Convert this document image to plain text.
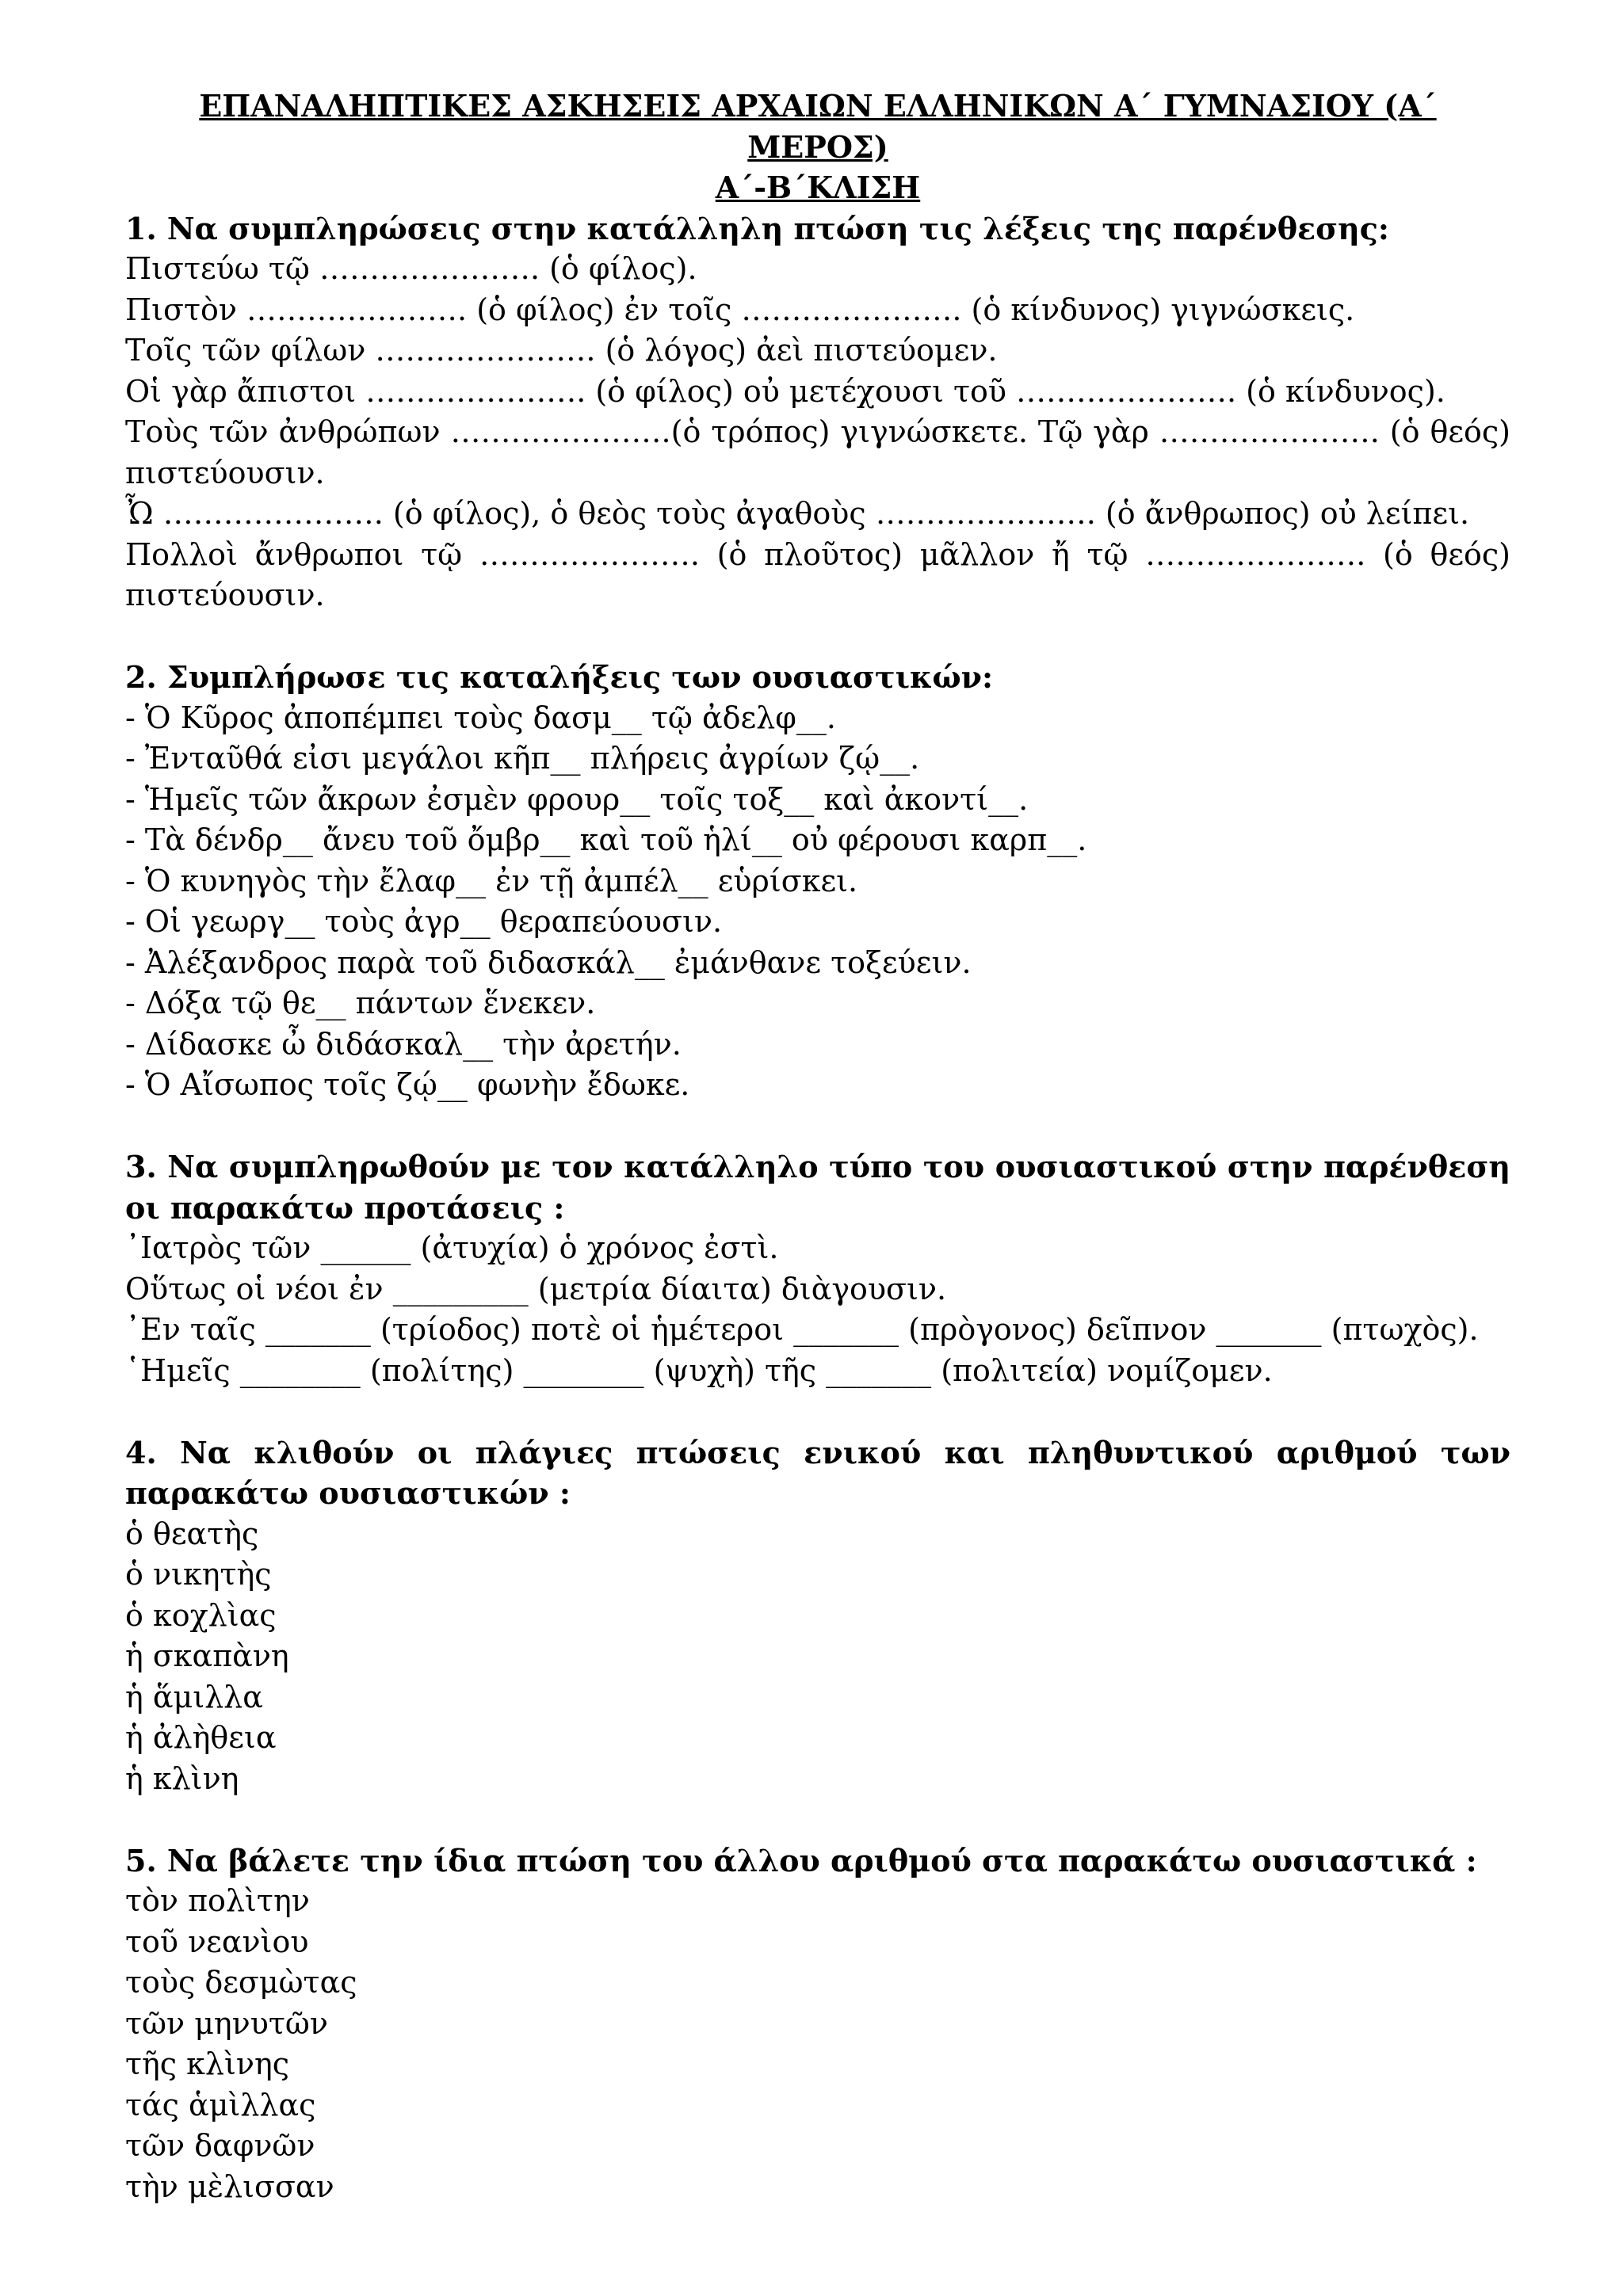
ΕΠΑΝΑΛΗΠΤΙΚΕΣ ΑΣΚΗΣΕΙΣ ΑΡΧΑΙΩΝ ΕΛΛΗΝΙΚΩΝ Α΄ ΓΥΜΝΑΣΙΟΥ (Α΄ ΜΕΡΟΣ)

Α΄-Β΄ΚΛΙΣΗ

1. Να συμπληρώσεις στην κατάλληλη πτώση τις λέξεις της παρένθεσης:

Πιστεύω τῷ …………………. (ὁ φίλος).

Πιστὸν …………………. (ὁ φίλος) ἐν τοῖς …………………. (ὁ κίνδυνος) γιγνώσκεις.

Τοῖς τῶν φίλων …………………. (ὁ λόγος) ἀεὶ πιστεύομεν.

Οἱ γὰρ ἄπιστοι …………………. (ὁ φίλος) οὐ μετέχουσι τοῦ …………………. (ὁ κίνδυνος).

Τοὺς τῶν ἀνθρώπων ………………….(ὁ τρόπος) γιγνώσκετε. Τῷ γὰρ …………………. (ὁ θεός) πιστεύουσιν.

Ὦ …………………. (ὁ φίλος), ὁ θεὸς τοὺς ἀγαθοὺς …………………. (ὁ ἄνθρωπος) οὐ λείπει.

Πολλοὶ ἄνθρωποι τῷ …………………. (ὁ πλοῦτος) μᾶλλον ἤ τῷ …………………. (ὁ θεός) πιστεύουσιν.

2. Συμπλήρωσε τις καταλήξεις των ουσιαστικών:

- Ὁ Κῦρος ἀποπέμπει τοὺς δασμ__ τῷ ἀδελφ__.

- Ἐνταῦθά εἰσι μεγάλοι κῆπ__ πλήρεις ἀγρίων ζῴ__.

- Ἡμεῖς τῶν ἄκρων ἐσμὲν φρουρ__ τοῖς τοξ__ καὶ ἀκοντί__.

- Τὰ δένδρ__ ἄνευ τοῦ ὄμβρ__ καὶ τοῦ ἡλί__ οὐ φέρουσι καρπ__.

- Ὁ κυνηγὸς τὴν ἔλαφ__ ἐν τῇ ἀμπέλ__ εὑρίσκει.

- Οἱ γεωργ__ τοὺς ἀγρ__ θεραπεύουσιν.

- Ἀλέξανδρος παρὰ τοῦ διδασκάλ__ ἐμάνθανε τοξεύειν.

- Δόξα τῷ θε__ πάντων ἕνεκεν.

- Δίδασκε ὦ διδάσκαλ__ τὴν ἀρετήν.

- Ὁ Αἴσωπος τοῖς ζῴ__ φωνὴν ἔδωκε.

3. Να συμπληρωθούν με τον κατάλληλο τύπο του ουσιαστικού στην παρένθεση οι παρακάτω προτάσεις :

᾽Ιατρὸς τῶν ______ (ἀτυχία) ὁ χρόνος ἐστὶ.

Οὕτως οἱ νέοι ἐν _________ (μετρία δίαιτα) διὰγουσιν.

᾽Εν ταῖς _______ (τρίοδος) ποτὲ οἱ ἡμέτεροι _______ (πρὸγονος) δεῖπνον _______ (πτωχὸς).

῾Ημεῖς ________ (πολίτης) ________ (ψυχὴ) τῆς _______ (πολιτεία) νομίζομεν.

4. Να κλιθούν οι πλάγιες πτώσεις ενικού και πληθυντικού αριθμού των παρακάτω ουσιαστικών :

ὁ θεατὴς
ὁ νικητὴς
ὁ κοχλὶας
ἡ σκαπὰνη
ἡ ἅμιλλα
ἡ ἀλὴθεια
ἡ κλὶνη

5. Να βάλετε την ίδια πτώση του άλλου αριθμού στα παρακάτω ουσιαστικά :

τὸν πολὶτην
τοῦ νεανὶου
τοὺς δεσμὼτας
τῶν μηνυτῶν
τῆς κλὶνης
τάς ἁμὶλλας
τῶν δαφνῶν
τὴν μὲλισσαν
